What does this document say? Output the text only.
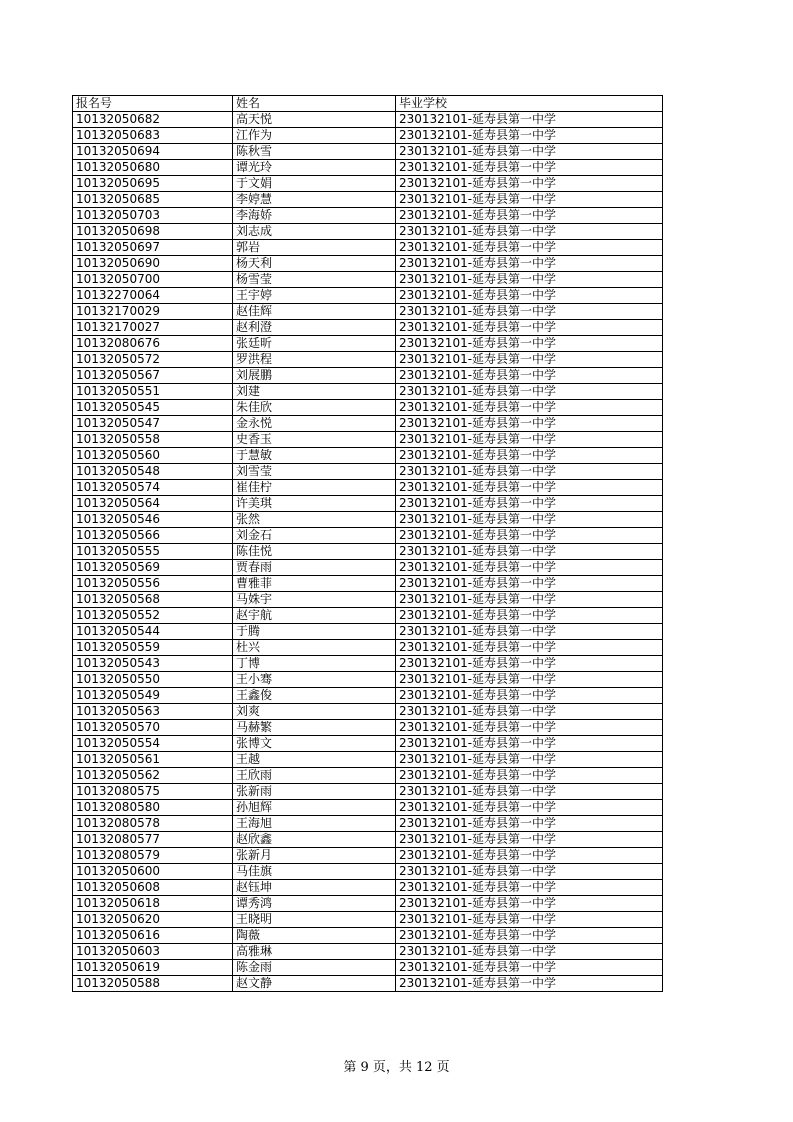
报名号	姓名	毕业学校
10132050682	高天悦	230132101-延寿县第一中学
10132050683	江作为	230132101-延寿县第一中学
10132050694	陈秋雪	230132101-延寿县第一中学
10132050680	谭光玲	230132101-延寿县第一中学
10132050695	于文娟	230132101-延寿县第一中学
10132050685	李婷慧	230132101-延寿县第一中学
10132050703	李海娇	230132101-延寿县第一中学
10132050698	刘志成	230132101-延寿县第一中学
10132050697	郭岩	230132101-延寿县第一中学
10132050690	杨天利	230132101-延寿县第一中学
10132050700	杨雪莹	230132101-延寿县第一中学
10132270064	王宇婷	230132101-延寿县第一中学
10132170029	赵佳辉	230132101-延寿县第一中学
10132170027	赵利澄	230132101-延寿县第一中学
10132080676	张廷昕	230132101-延寿县第一中学
10132050572	罗洪程	230132101-延寿县第一中学
10132050567	刘展鹏	230132101-延寿县第一中学
10132050551	刘建	230132101-延寿县第一中学
10132050545	朱佳欣	230132101-延寿县第一中学
10132050547	金永悦	230132101-延寿县第一中学
10132050558	史香玉	230132101-延寿县第一中学
10132050560	于慧敏	230132101-延寿县第一中学
10132050548	刘雪莹	230132101-延寿县第一中学
10132050574	崔佳柠	230132101-延寿县第一中学
10132050564	许美琪	230132101-延寿县第一中学
10132050546	张然	230132101-延寿县第一中学
10132050566	刘金石	230132101-延寿县第一中学
10132050555	陈佳悦	230132101-延寿县第一中学
10132050569	贾春雨	230132101-延寿县第一中学
10132050556	曹雅菲	230132101-延寿县第一中学
10132050568	马姝宇	230132101-延寿县第一中学
10132050552	赵宇航	230132101-延寿县第一中学
10132050544	于腾	230132101-延寿县第一中学
10132050559	杜兴	230132101-延寿县第一中学
10132050543	丁博	230132101-延寿县第一中学
10132050550	王小骞	230132101-延寿县第一中学
10132050549	王鑫俊	230132101-延寿县第一中学
10132050563	刘爽	230132101-延寿县第一中学
10132050570	马赫繁	230132101-延寿县第一中学
10132050554	张博文	230132101-延寿县第一中学
10132050561	王越	230132101-延寿县第一中学
10132050562	王欣雨	230132101-延寿县第一中学
10132080575	张新雨	230132101-延寿县第一中学
10132080580	孙旭辉	230132101-延寿县第一中学
10132080578	王海旭	230132101-延寿县第一中学
10132080577	赵欣鑫	230132101-延寿县第一中学
10132080579	张新月	230132101-延寿县第一中学
10132050600	马佳旗	230132101-延寿县第一中学
10132050608	赵钰坤	230132101-延寿县第一中学
10132050618	谭秀鸿	230132101-延寿县第一中学
10132050620	王晓明	230132101-延寿县第一中学
10132050616	陶薇	230132101-延寿县第一中学
10132050603	高雅琳	230132101-延寿县第一中学
10132050619	陈金雨	230132101-延寿县第一中学
10132050588	赵文静	230132101-延寿县第一中学
第 9 页，共 12 页
